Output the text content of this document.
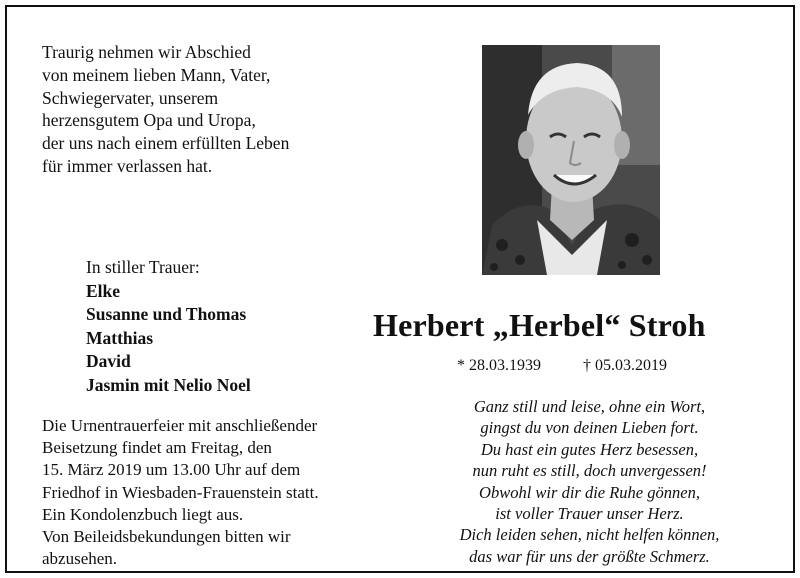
Traurig nehmen wir Abschied
von meinem lieben Mann, Vater,
Schwiegervater, unserem
herzensgutem Opa und Uropa,
der uns nach einem erfüllten Leben
für immer verlassen hat.
In stiller Trauer:
Elke
Susanne und Thomas
Matthias
David
Jasmin mit Nelio Noel
Herbert „Herbel“ Stroh
* 28.03.1939	† 05.03.2019
Die Urnentrauerfeier mit anschließender
Beisetzung findet am Freitag, den
15. März 2019 um 13.00 Uhr auf dem
Friedhof in Wiesbaden-Frauenstein statt.
Ein Kondolenzbuch liegt aus.
Von Beileidsbekundungen bitten wir
abzusehen.
Ganz still und leise, ohne ein Wort,
gingst du von deinen Lieben fort.
Du hast ein gutes Herz besessen,
nun ruht es still, doch unvergessen!
Obwohl wir dir die Ruhe gönnen,
ist voller Trauer unser Herz.
Dich leiden sehen, nicht helfen können,
das war für uns der größte Schmerz.
